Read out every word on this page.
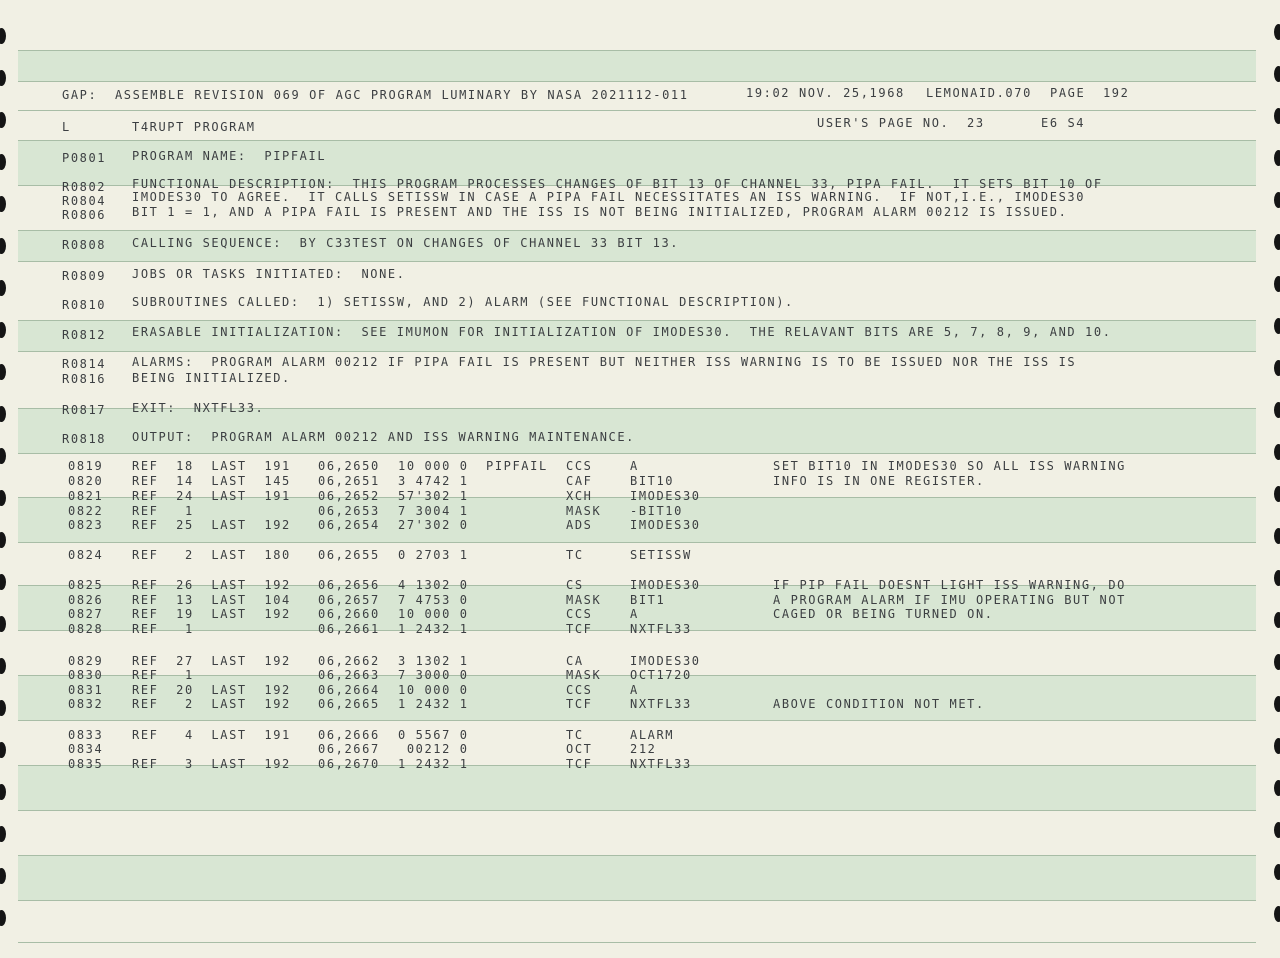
GAP:  ASSEMBLE REVISION 069 OF AGC PROGRAM LUMINARY BY NASA 2021112-011	19:02 NOV. 25,1968 LEMONAID.070 PAGE  192
L	T4RUPT PROGRAM	USER'S PAGE NO.  23	E6 S4
P0801 PROGRAM NAME:  PIPFAIL
R0802 FUNCTIONAL DESCRIPTION:  THIS PROGRAM PROCESSES CHANGES OF BIT 13 OF CHANNEL 33, PIPA FAIL.  IT SETS BIT 10 OF
R0804 IMODES30 TO AGREE.  IT CALLS SETISSW IN CASE A PIPA FAIL NECESSITATES AN ISS WARNING.  IF NOT,I.E., IMODES30
R0806 BIT 1 = 1, AND A PIPA FAIL IS PRESENT AND THE ISS IS NOT BEING INITIALIZED, PROGRAM ALARM 00212 IS ISSUED.
R0808 CALLING SEQUENCE:  BY C33TEST ON CHANGES OF CHANNEL 33 BIT 13.
R0809 JOBS OR TASKS INITIATED:  NONE.
R0810 SUBROUTINES CALLED:  1) SETISSW, AND 2) ALARM (SEE FUNCTIONAL DESCRIPTION).
R0812 ERASABLE INITIALIZATION:  SEE IMUMON FOR INITIALIZATION OF IMODES30.  THE RELAVANT BITS ARE 5, 7, 8, 9, AND 10.
R0814 ALARMS:  PROGRAM ALARM 00212 IF PIPA FAIL IS PRESENT BUT NEITHER ISS WARNING IS TO BE ISSUED NOR THE ISS IS
R0816 BEING INITIALIZED.
R0817 EXIT:  NXTFL33.
R0818 OUTPUT:  PROGRAM ALARM 00212 AND ISS WARNING MAINTENANCE.
0819 REF  18  LAST  191 06,2650 10 000 0 PIPFAIL CCS	A	SET BIT10 IN IMODES30 SO ALL ISS WARNING
0820 REF  14  LAST  145 06,2651 3 4742 1	CAF	BIT10	INFO IS IN ONE REGISTER.
0821 REF  24  LAST  191 06,2652 57'302 1	XCH	IMODES30
0822 REF   1	06,2653 7 3004 1	MASK -BIT10
0823 REF  25  LAST  192 06,2654 27'302 0	ADS	IMODES30
0824 REF   2  LAST  180 06,2655 0 2703 1	TC	SETISSW
0825 REF  26  LAST  192 06,2656 4 1302 0	CS	IMODES30	IF PIP FAIL DOESNT LIGHT ISS WARNING, DO
0826 REF  13  LAST  104 06,2657 7 4753 0	MASK BIT1	A PROGRAM ALARM IF IMU OPERATING BUT NOT
0827 REF  19  LAST  192 06,2660 10 000 0	CCS	A	CAGED OR BEING TURNED ON.
0828 REF   1	06,2661 1 2432 1	TCF	NXTFL33
0829 REF  27  LAST  192 06,2662 3 1302 1	CA	IMODES30
0830 REF   1	06,2663 7 3000 0	MASK OCT1720
0831 REF  20  LAST  192 06,2664 10 000 0	CCS	A
0832 REF   2  LAST  192 06,2665 1 2432 1	TCF	NXTFL33	ABOVE CONDITION NOT MET.
0833 REF   4  LAST  191 06,2666 0 5567 0	TC	ALARM
0834	06,2667 00212 0	OCT	212
0835 REF   3  LAST  192 06,2670 1 2432 1	TCF	NXTFL33
